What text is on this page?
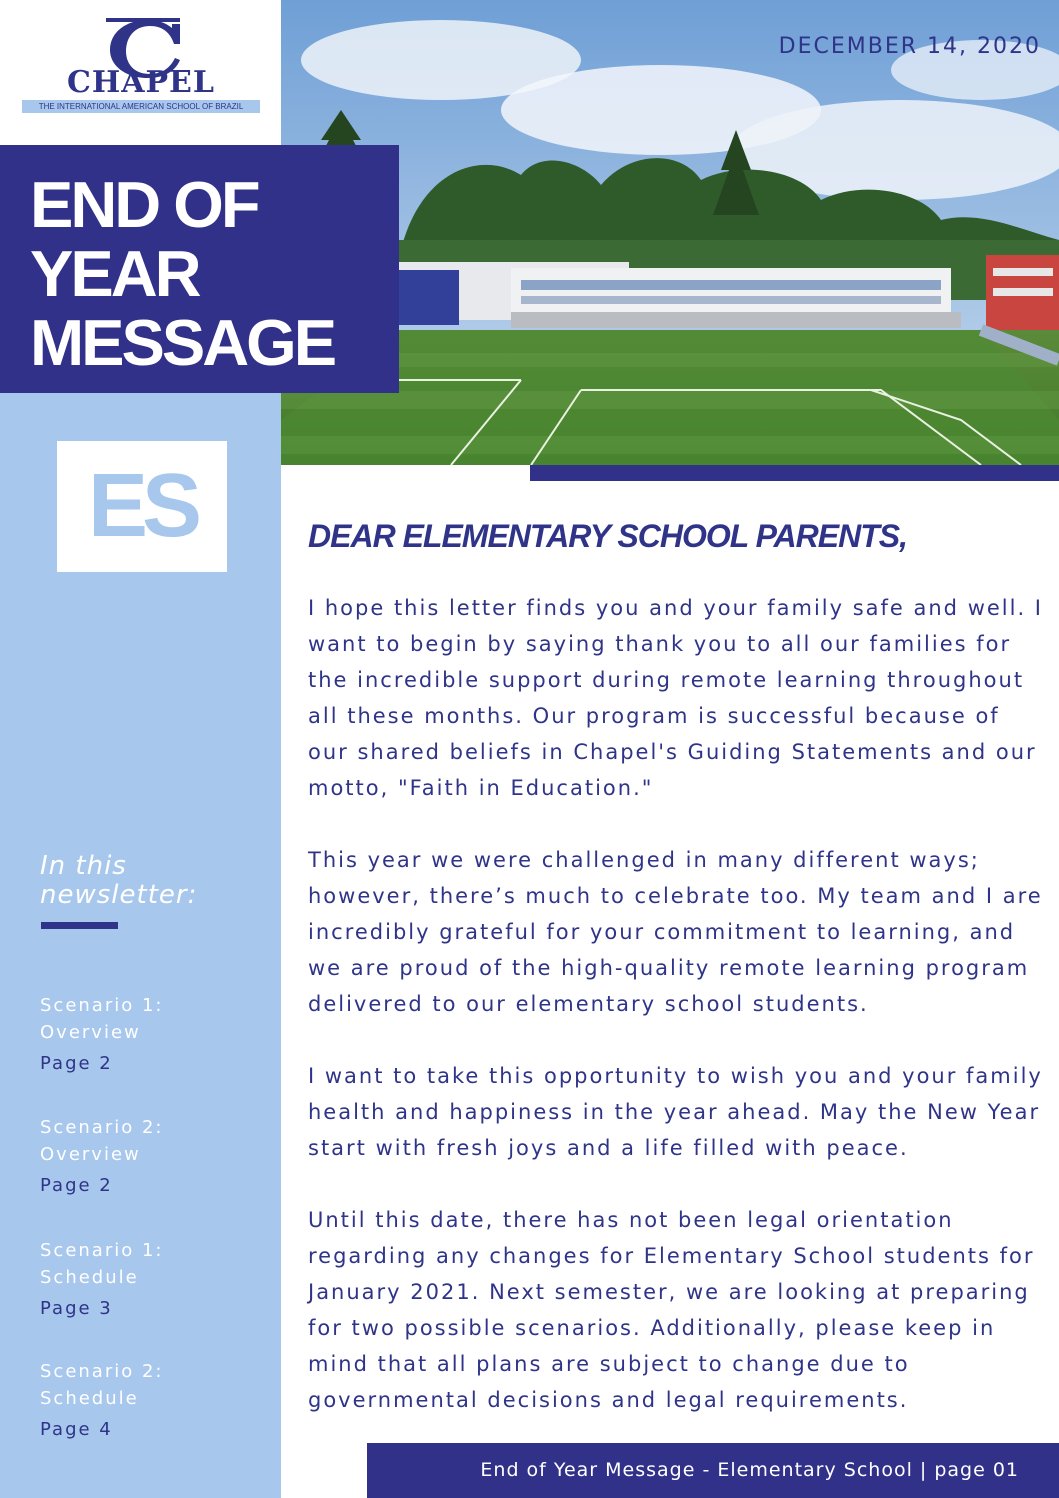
CHAPEL
THE INTERNATIONAL AMERICAN SCHOOL OF BRAZIL
END OF
YEAR
MESSAGE
ES
In this
newsletter:
Scenario 1:
Overview
Page 2
Scenario 2:
Overview
Page 2
Scenario 1:
Schedule
Page 3
Scenario 2:
Schedule
Page 4
DECEMBER 14, 2020
DEAR ELEMENTARY SCHOOL PARENTS,

I hope this letter finds you and your family safe and well. I
want to begin by saying thank you to all our families for
the incredible support during remote learning throughout
all these months. Our program is successful because of
our shared beliefs in Chapel's Guiding Statements and our
motto, "Faith in Education."

This year we were challenged in many different ways;
however, there’s much to celebrate too. My team and I are
incredibly grateful for your commitment to learning, and
we are proud of the high-quality remote learning program
delivered to our elementary school students.

I want to take this opportunity to wish you and your family
health and happiness in the year ahead. May the New Year
start with fresh joys and a life filled with peace.

Until this date, there has not been legal orientation
regarding any changes for Elementary School students for
January 2021. Next semester, we are looking at preparing
for two possible scenarios. Additionally, please keep in
mind that all plans are subject to change due to
governmental decisions and legal requirements.

End of Year Message - Elementary School | page 01
